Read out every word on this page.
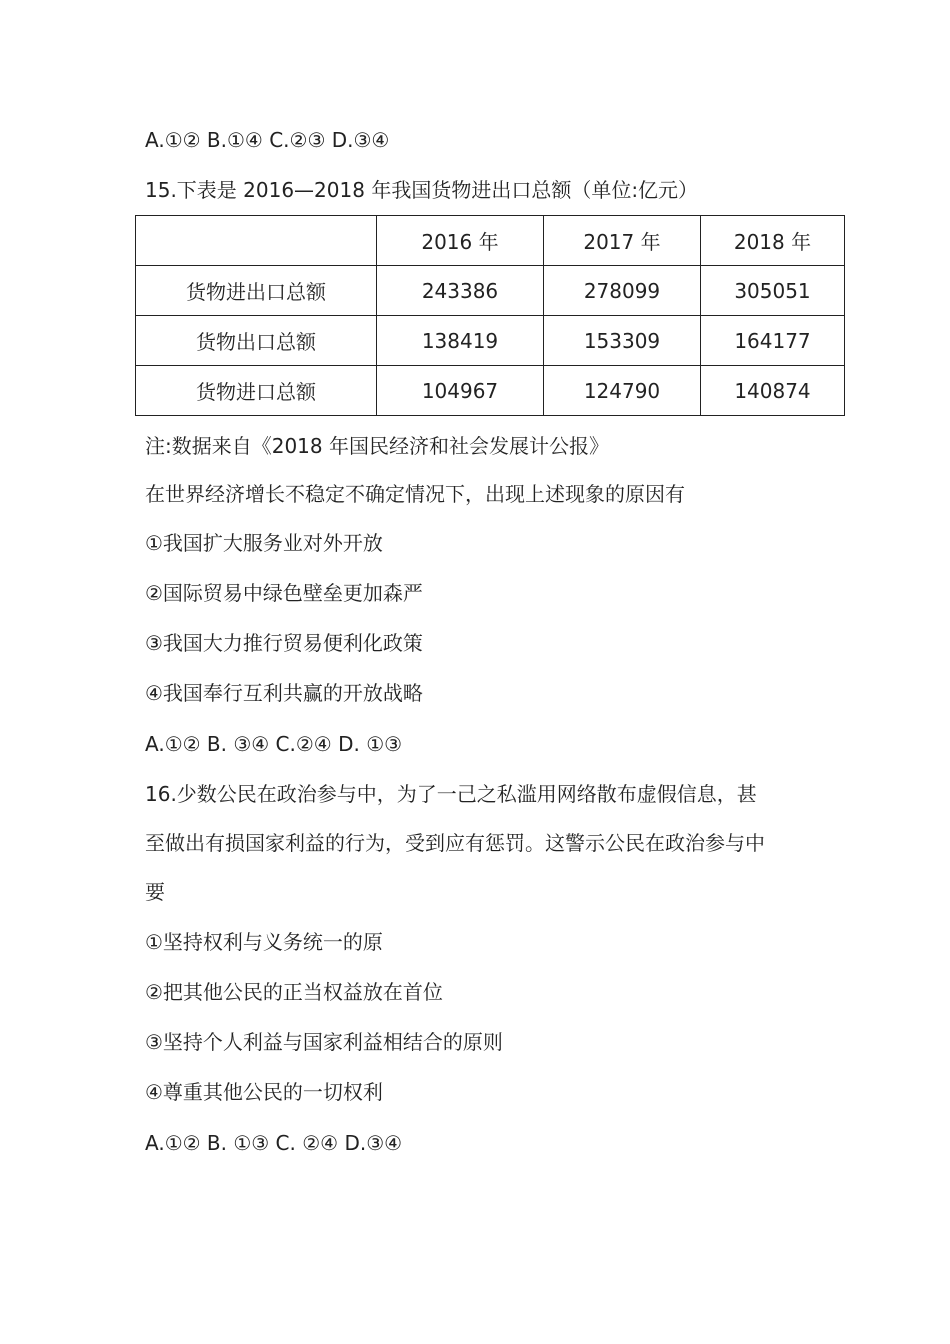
A.①② B.①④ C.②③ D.③④
15.下表是 2016—2018 年我国货物进出口总额（单位:亿元）
	2016 年	2017 年	2018 年
货物进出口总额	243386	278099	305051
货物出口总额	138419	153309	164177
货物进口总额	104967	124790	140874
注:数据来自《2018 年国民经济和社会发展计公报》
在世界经济增长不稳定不确定情况下，出现上述现象的原因有
①我国扩大服务业对外开放
②国际贸易中绿色壁垒更加森严
③我国大力推行贸易便利化政策
④我国奉行互利共赢的开放战略
A.①② B. ③④ C.②④ D. ①③
16.少数公民在政治参与中，为了一己之私滥用网络散布虚假信息，甚
至做出有损国家利益的行为，受到应有惩罚。这警示公民在政治参与中
要
①坚持权利与义务统一的原
②把其他公民的正当权益放在首位
③坚持个人利益与国家利益相结合的原则
④尊重其他公民的一切权利
A.①② B. ①③ C. ②④ D.③④
